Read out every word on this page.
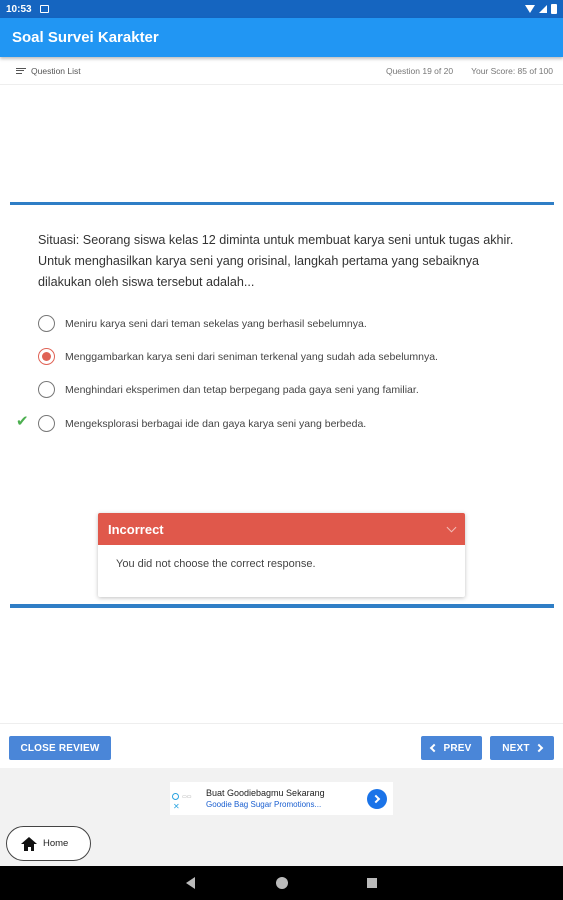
10:53
Soal Survei Karakter
Question List	Question 19 of 20 Your Score: 85 of 100
Situasi: Seorang siswa kelas 12 diminta untuk membuat karya seni untuk tugas akhir. Untuk menghasilkan karya seni yang orisinal, langkah pertama yang sebaiknya dilakukan oleh siswa tersebut adalah...
Meniru karya seni dari teman sekelas yang berhasil sebelumnya.
Menggambarkan karya seni dari seniman terkenal yang sudah ada sebelumnya.
Menghindari eksperimen dan tetap berpegang pada gaya seni yang familiar.
✔	Mengeksplorasi berbagai ide dan gaya karya seni yang berbeda.
Incorrect
You did not choose the correct response.
CLOSE REVIEW	PREV	NEXT
✕
▭▭ Buat Goodiebagmu Sekarang
Goodie Bag Sugar Promotions...
Home
